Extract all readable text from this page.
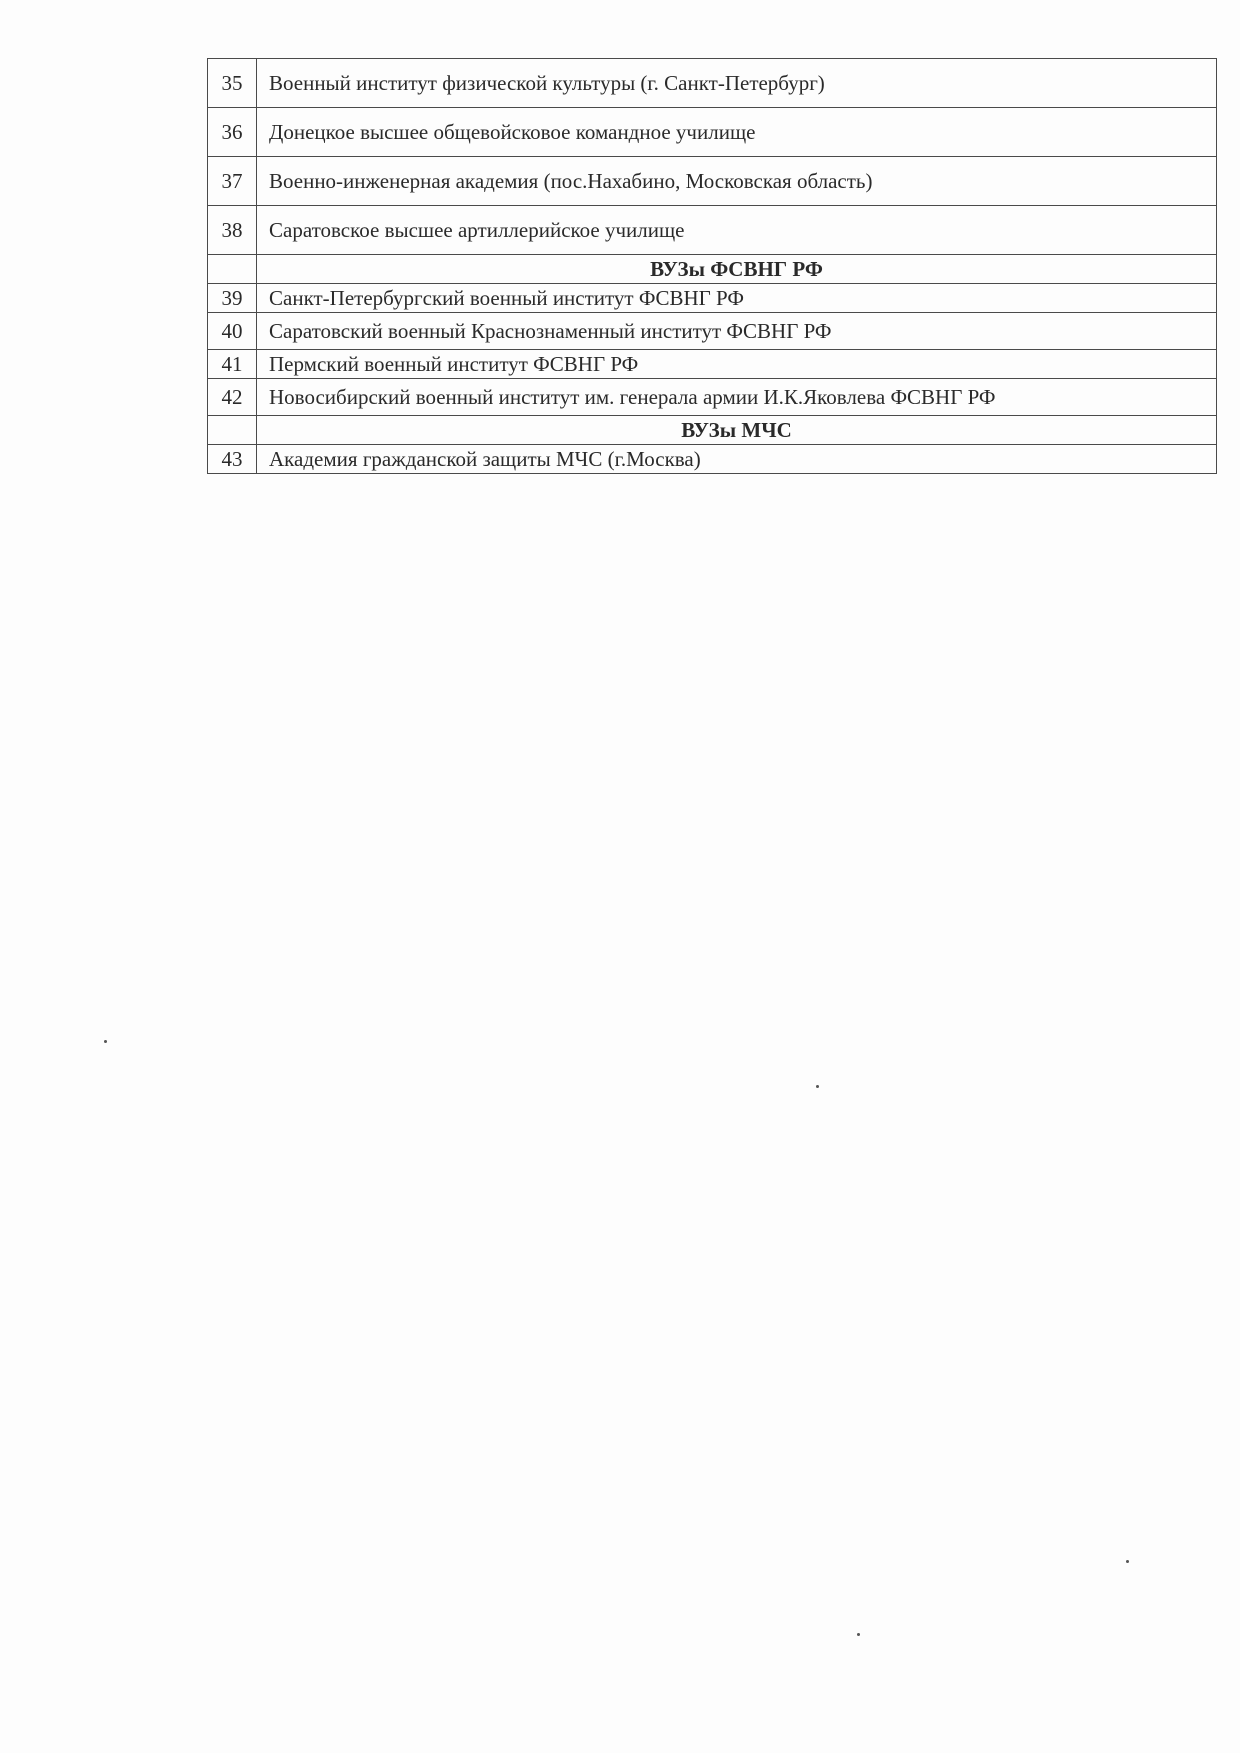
35	Военный институт физической культуры (г. Санкт-Петербург)
36	Донецкое высшее общевойсковое командное училище
37	Военно-инженерная академия (пос.Нахабино, Московская область)
38	Саратовское высшее артиллерийское училище
	ВУЗы ФСВНГ РФ
39	Санкт-Петербургский военный институт ФСВНГ РФ
40	Саратовский военный Краснознаменный институт ФСВНГ РФ
41	Пермский военный институт ФСВНГ РФ
42	Новосибирский военный институт им. генерала армии И.К.Яковлева ФСВНГ РФ
	ВУЗы МЧС
43	Академия гражданской защиты МЧС (г.Москва)
